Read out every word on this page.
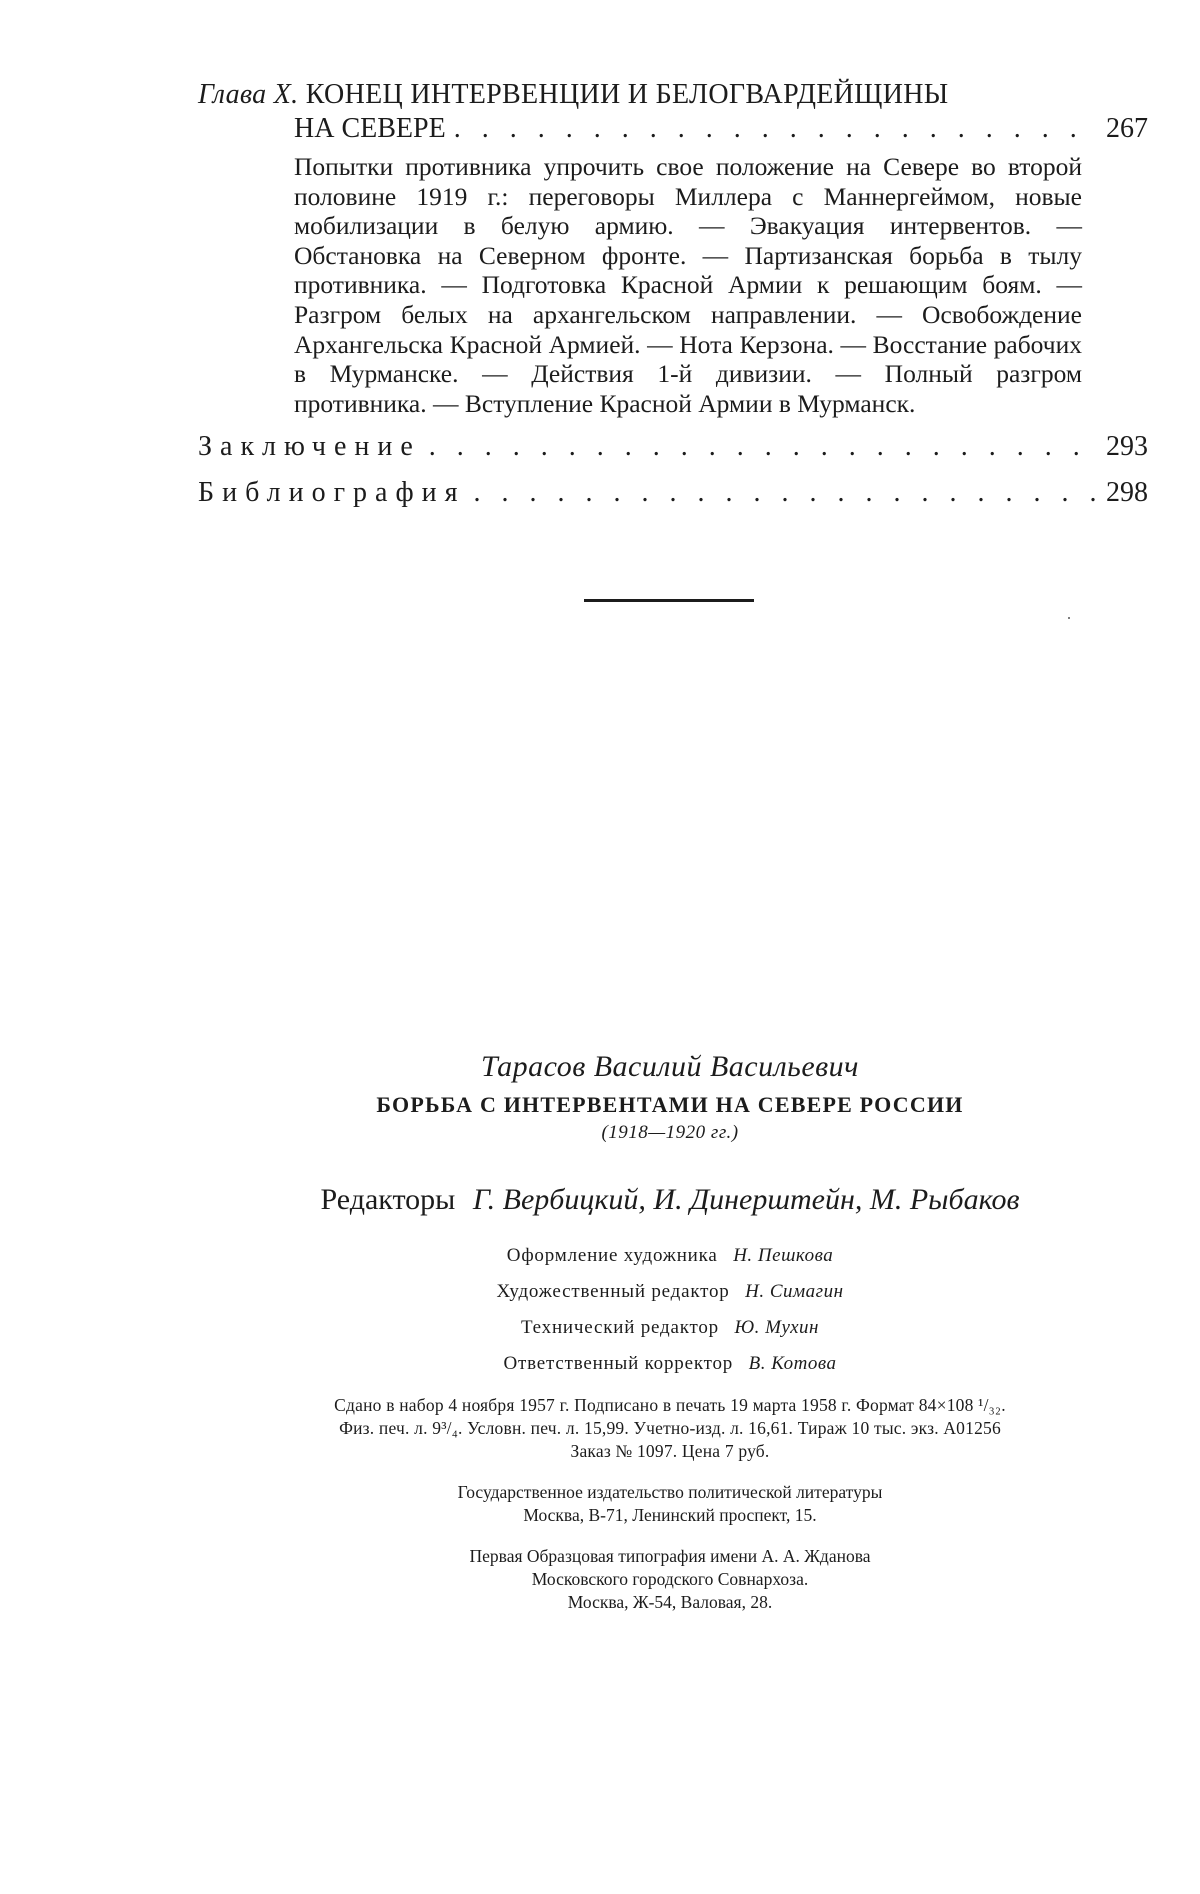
Глава X. КОНЕЦ ИНТЕРВЕНЦИИ И БЕЛОГВАРДЕЙЩИНЫ
НА СЕВЕРЕ . . .	267
Попытки противника упрочить свое положение на Севере во второй половине 1919 г.: переговоры Миллера с Маннергеймом, новые мобилизации в белую армию. — Эвакуация интервентов. — Обстановка на Северном фронте. — Партизанская борьба в тылу противника. — Подготовка Красной Армии к решающим боям. — Разгром белых на архангельском направлении. — Освобождение Архангельска Красной Армией. — Нота Керзона. — Восстание рабочих в Мурманске. — Действия 1-й дивизии. — Полный разгром противника. — Вступление Красной Армии в Мурманск.
Заключение . . .	293
Библиография . . .	298
Тарасов Василий Васильевич
БОРЬБА С ИНТЕРВЕНТАМИ НА СЕВЕРЕ РОССИИ
(1918—1920 гг.)
Редакторы Г. Вербицкий, И. Динерштейн, М. Рыбаков
Оформление художника Н. Пешкова
Художественный редактор Н. Симагин
Технический редактор Ю. Мухин
Ответственный корректор В. Котова
Сдано в набор 4 ноября 1957 г. Подписано в печать 19 марта 1958 г. Формат 84×108 ¹/₃₂.
Физ. печ. л. 9³/₄. Условн. печ. л. 15,99. Учетно-изд. л. 16,61. Тираж 10 тыс. экз. А01256
Заказ № 1097. Цена 7 руб.
Государственное издательство политической литературы
Москва, В-71, Ленинский проспект, 15.
Первая Образцовая типография имени А. А. Жданова
Московского городского Совнархоза.
Москва, Ж-54, Валовая, 28.
